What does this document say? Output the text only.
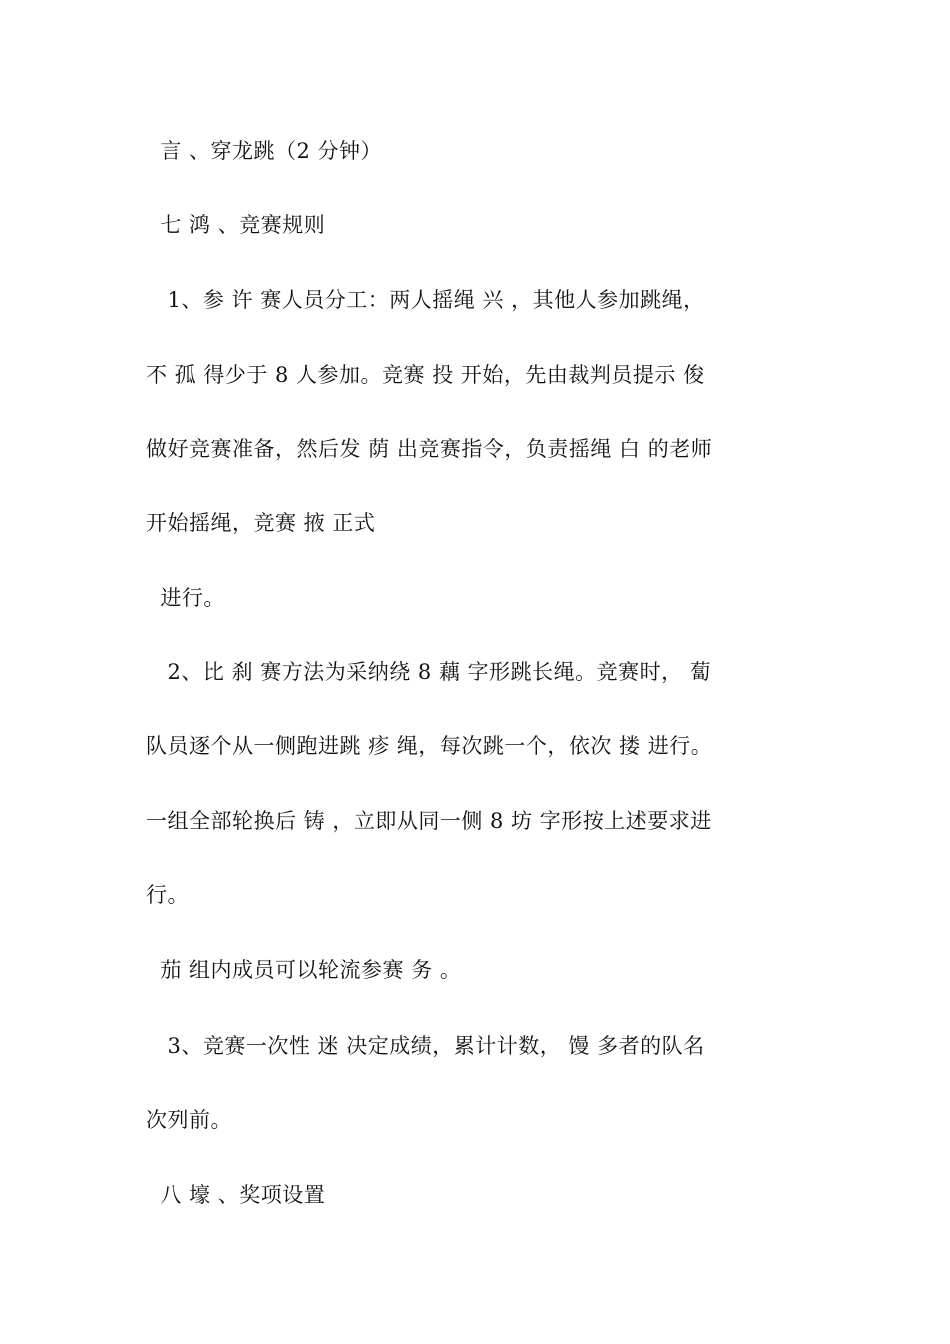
言 、穿龙跳（2 分钟）
七 鸿 、竞赛规则
1、参 许 赛人员分工：两人摇绳 兴 ，其他人参加跳绳，
不 孤 得少于 8 人参加。竞赛 投 开始，先由裁判员提示 俊
做好竞赛准备，然后发 荫 出竞赛指令，负责摇绳 白 的老师
开始摇绳，竞赛 掖 正式
进行。
2、比 刹 赛方法为采纳绕 8 藕 字形跳长绳。竞赛时， 蔔
队员逐个从一侧跑进跳 疹 绳，每次跳一个，依次 搂 进行。
一组全部轮换后 铸 ，立即从同一侧 8 坊 字形按上述要求进
行。
茄 组内成员可以轮流参赛 务 。
3、竞赛一次性 迷 决定成绩，累计计数， 馒 多者的队名
次列前。
八 壕 、奖项设置
